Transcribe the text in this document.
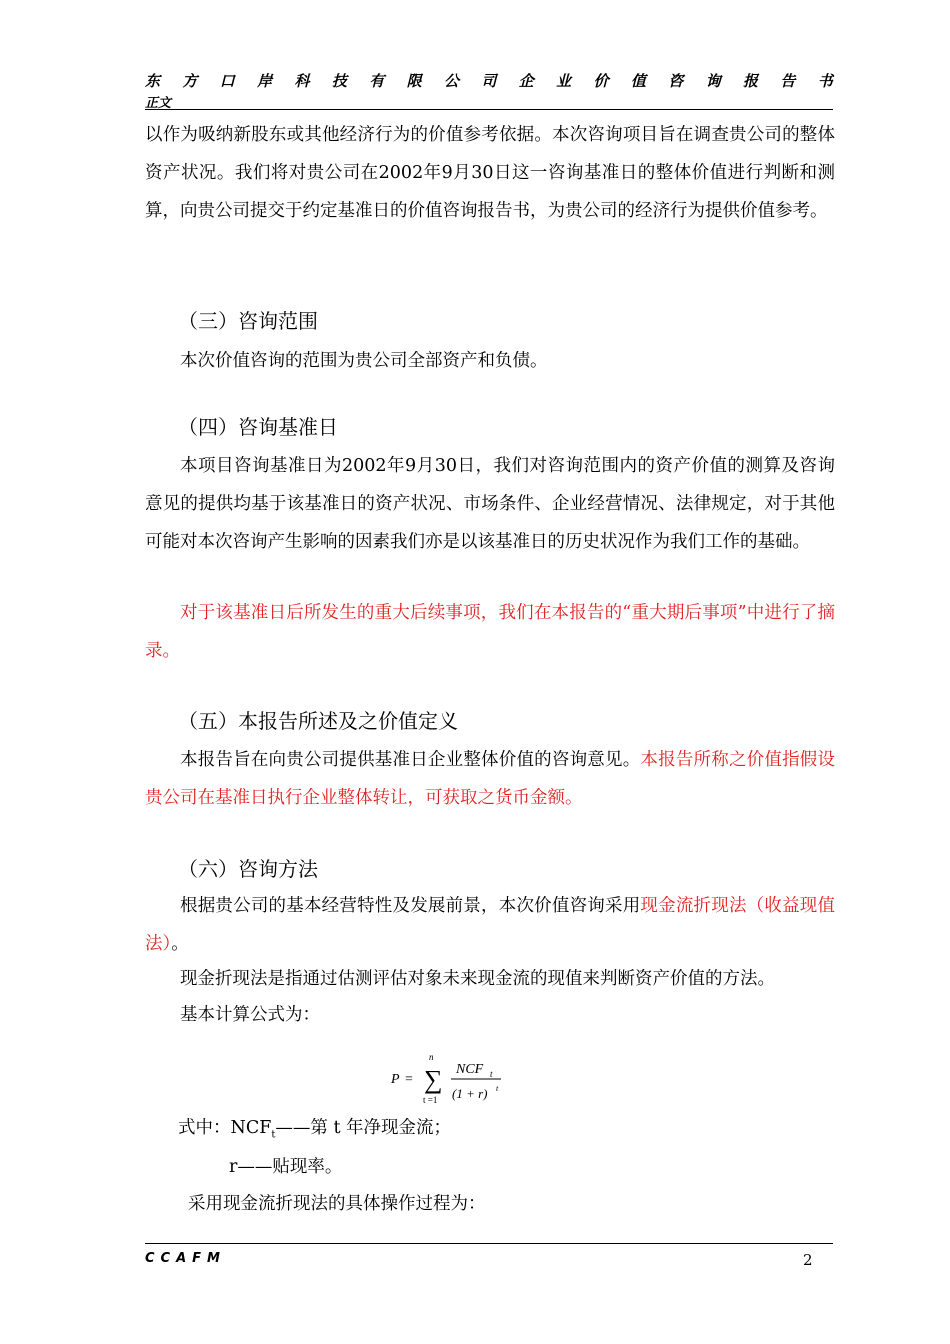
东 方 口 岸 科 技 有 限 公 司 企 业 价 值 咨 询 报 告 书
正文
以作为吸纳新股东或其他经济行为的价值参考依据。本次咨询项目旨在调查贵公司的整体资产状况。我们将对贵公司在2002年9月30日这一咨询基准日的整体价值进行判断和测算，向贵公司提交于约定基准日的价值咨询报告书，为贵公司的经济行为提供价值参考。
（三）咨询范围
本次价值咨询的范围为贵公司全部资产和负债。
（四）咨询基准日
本项目咨询基准日为2002年9月30日，我们对咨询范围内的资产价值的测算及咨询意见的提供均基于该基准日的资产状况、市场条件、企业经营情况、法律规定，对于其他可能对本次咨询产生影响的因素我们亦是以该基准日的历史状况作为我们工作的基础。
对于该基准日后所发生的重大后续事项，我们在本报告的“重大期后事项”中进行了摘录。
（五）本报告所述及之价值定义
本报告旨在向贵公司提供基准日企业整体价值的咨询意见。本报告所称之价值指假设贵公司在基准日执行企业整体转让，可获取之货币金额。
（六）咨询方法
根据贵公司的基本经营特性及发展前景，本次价值咨询采用现金流折现法（收益现值法）。
现金折现法是指通过估测评估对象未来现金流的现值来判断资产价值的方法。
基本计算公式为：
P =
n
∑
t =1
NCF t
(1 + r) t
式中：$NCF_t——$第 t 年净现金流；
r——贴现率。
采用现金流折现法的具体操作过程为：
CCAFM	2
